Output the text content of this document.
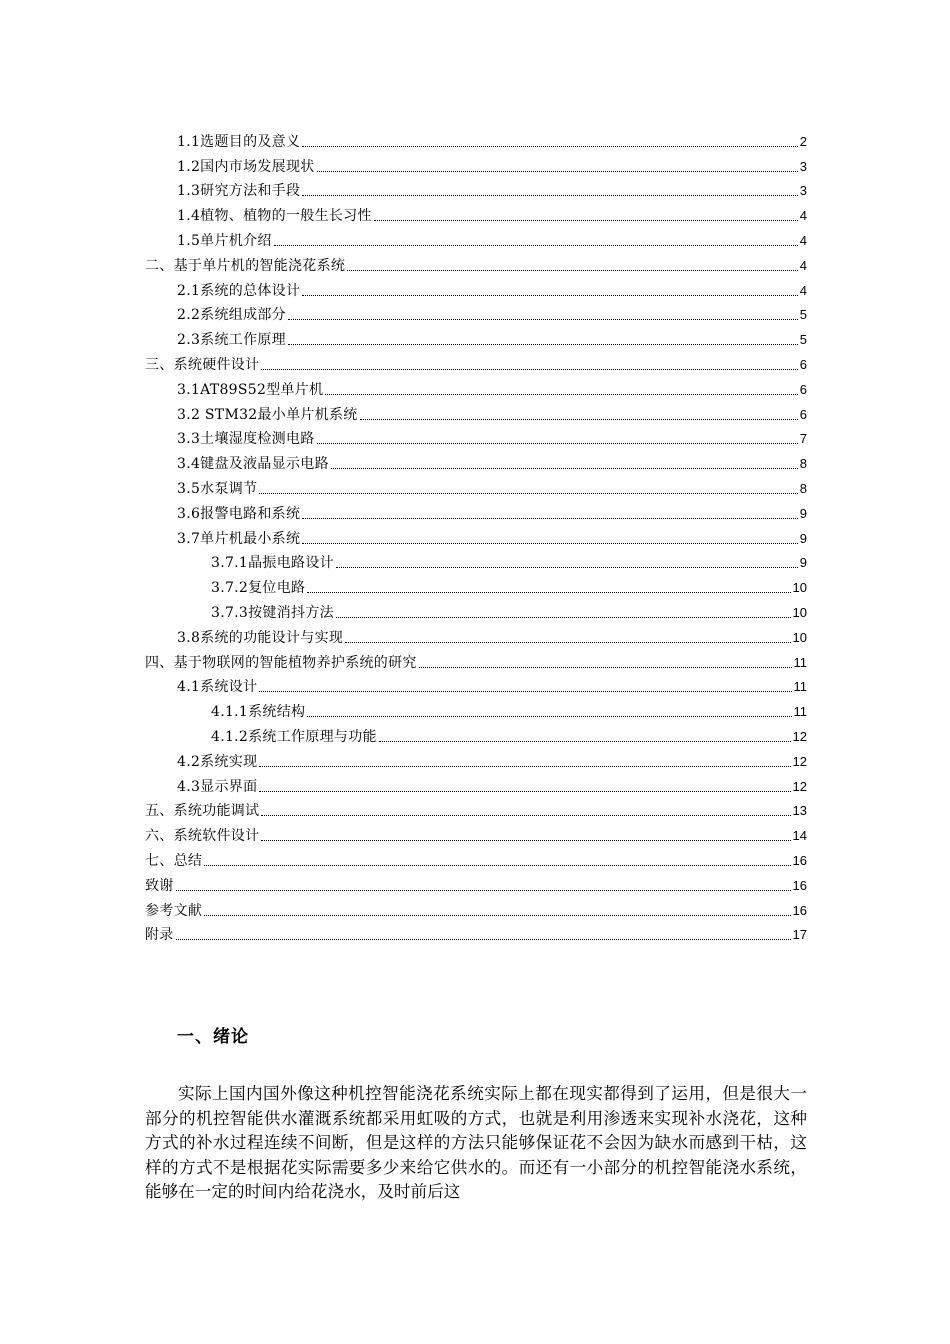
1.1选题目的及意义	2
1.2国内市场发展现状	3
1.3研究方法和手段	3
1.4植物、植物的一般生长习性	4
1.5单片机介绍	4
二、基于单片机的智能浇花系统	4
2.1系统的总体设计	4
2.2系统组成部分	5
2.3系统工作原理	5
三、系统硬件设计	6
3.1AT89S52型单片机	6
3.2 STM32最小单片机系统	6
3.3土壤湿度检测电路	7
3.4键盘及液晶显示电路	8
3.5水泵调节	8
3.6报警电路和系统	9
3.7单片机最小系统	9
3.7.1晶振电路设计	9
3.7.2复位电路	10
3.7.3按键消抖方法	10
3.8系统的功能设计与实现	10
四、基于物联网的智能植物养护系统的研究	11
4.1系统设计	11
4.1.1系统结构	11
4.1.2系统工作原理与功能	12
4.2系统实现	12
4.3显示界面	12
五、系统功能调试	13
六、系统软件设计	14
七、总结	16
致谢	16
参考文献	16
附录	17
一、绪论

实际上国内国外像这种机控智能浇花系统实际上都在现实都得到了运用，但是很大一部分的机控智能供水灌溉系统都采用虹吸的方式，也就是利用渗透来实现补水浇花，这种方式的补水过程连续不间断，但是这样的方法只能够保证花不会因为缺水而感到干枯，这样的方式不是根据花实际需要多少来给它供水的。而还有一小部分的机控智能浇水系统，能够在一定的时间内给花浇水，及时前后这
